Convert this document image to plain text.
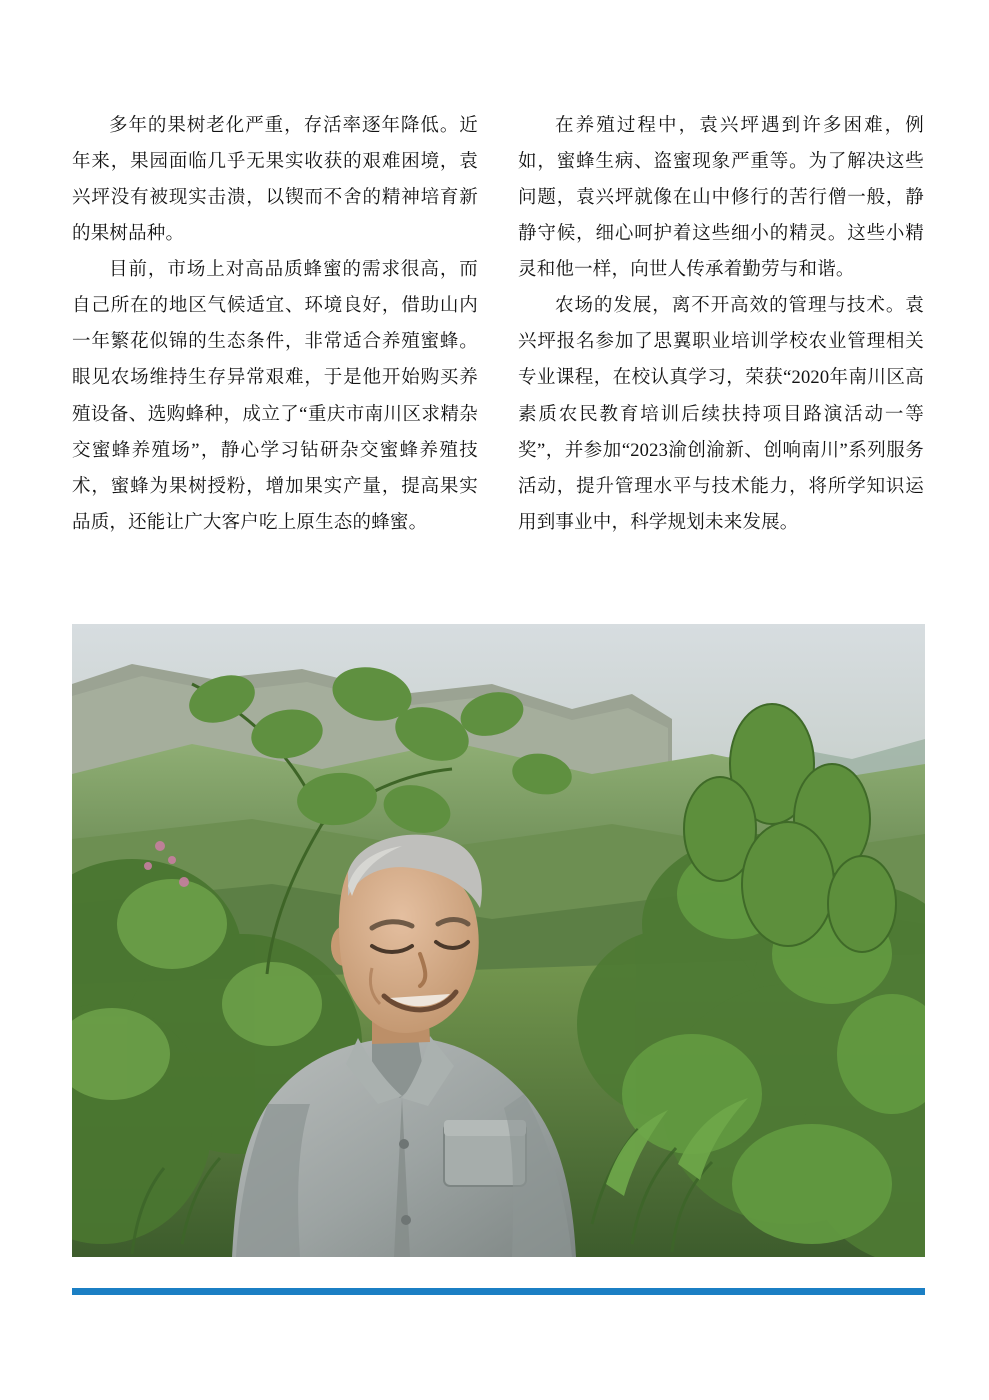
多年的果树老化严重，存活率逐年降低。近年来，果园面临几乎无果实收获的艰难困境，袁兴坪没有被现实击溃，以锲而不舍的精神培育新的果树品种。

目前，市场上对高品质蜂蜜的需求很高，而自己所在的地区气候适宜、环境良好，借助山内一年繁花似锦的生态条件，非常适合养殖蜜蜂。眼见农场维持生存异常艰难，于是他开始购买养殖设备、选购蜂种，成立了“重庆市南川区求精杂交蜜蜂养殖场”，静心学习钻研杂交蜜蜂养殖技术，蜜蜂为果树授粉，增加果实产量，提高果实品质，还能让广大客户吃上原生态的蜂蜜。

在养殖过程中，袁兴坪遇到许多困难，例如，蜜蜂生病、盗蜜现象严重等。为了解决这些问题，袁兴坪就像在山中修行的苦行僧一般，静静守候，细心呵护着这些细小的精灵。这些小精灵和他一样，向世人传承着勤劳与和谐。

农场的发展，离不开高效的管理与技术。袁兴坪报名参加了思翼职业培训学校农业管理相关专业课程，在校认真学习，荣获“2020年南川区高素质农民教育培训后续扶持项目路演活动一等奖”，并参加“2023渝创渝新、创响南川”系列服务活动，提升管理水平与技术能力，将所学知识运用到事业中，科学规划未来发展。
